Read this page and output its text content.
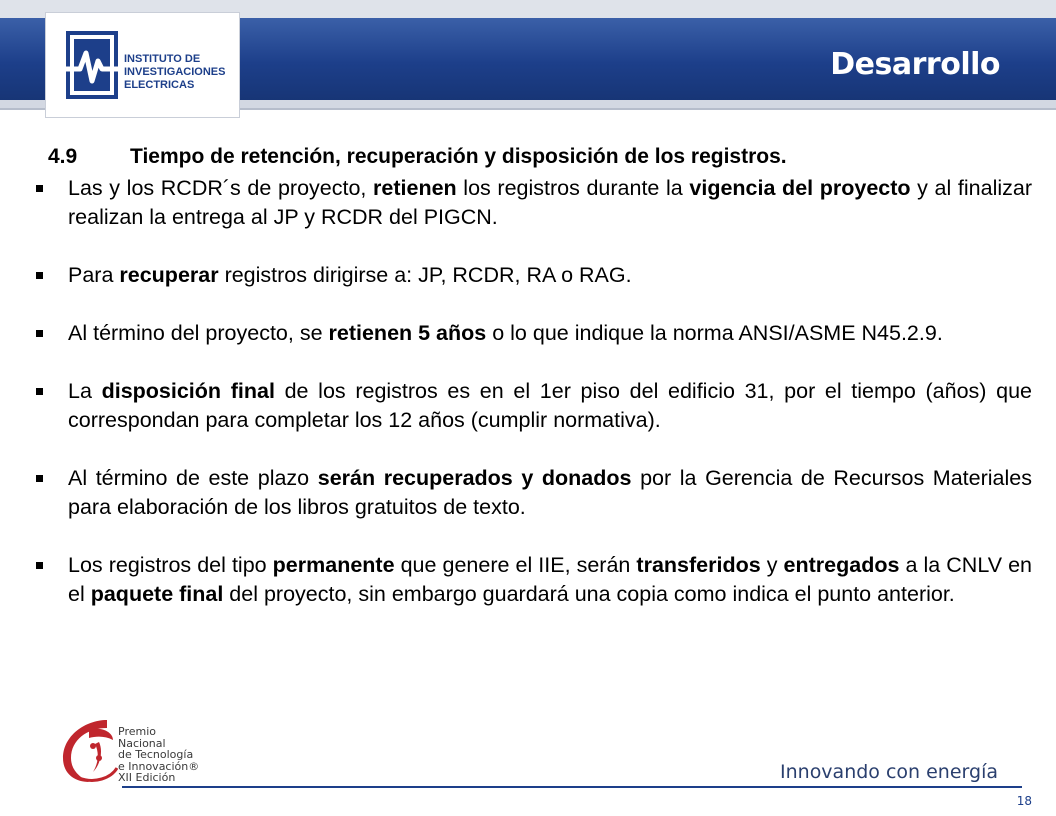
INSTITUTO DE
INVESTIGACIONES
ELECTRICAS
Desarrollo
4.9	Tiempo de retención, recuperación y disposición de los registros.
Las y los RCDR´s de proyecto, retienen los registros durante la vigencia del proyecto y al finalizar realizan la entrega al JP y RCDR del PIGCN.
Para recuperar registros dirigirse a: JP, RCDR, RA o RAG.
Al término del proyecto, se retienen 5 años o lo que indique la norma ANSI/ASME N45.2.9.
La disposición final de los registros es en el 1er piso del edificio 31, por el tiempo (años) que correspondan para completar los 12 años (cumplir normativa).
Al término de este plazo serán recuperados y donados por la Gerencia de Recursos Materiales para elaboración de los libros gratuitos de texto.
Los registros del tipo permanente que genere el IIE, serán transferidos y entregados a la CNLV en el paquete final del proyecto, sin embargo guardará una copia como indica el punto anterior.
Premio
Nacional
de Tecnología
e Innovación®
XII Edición	Innovando con energía
18
